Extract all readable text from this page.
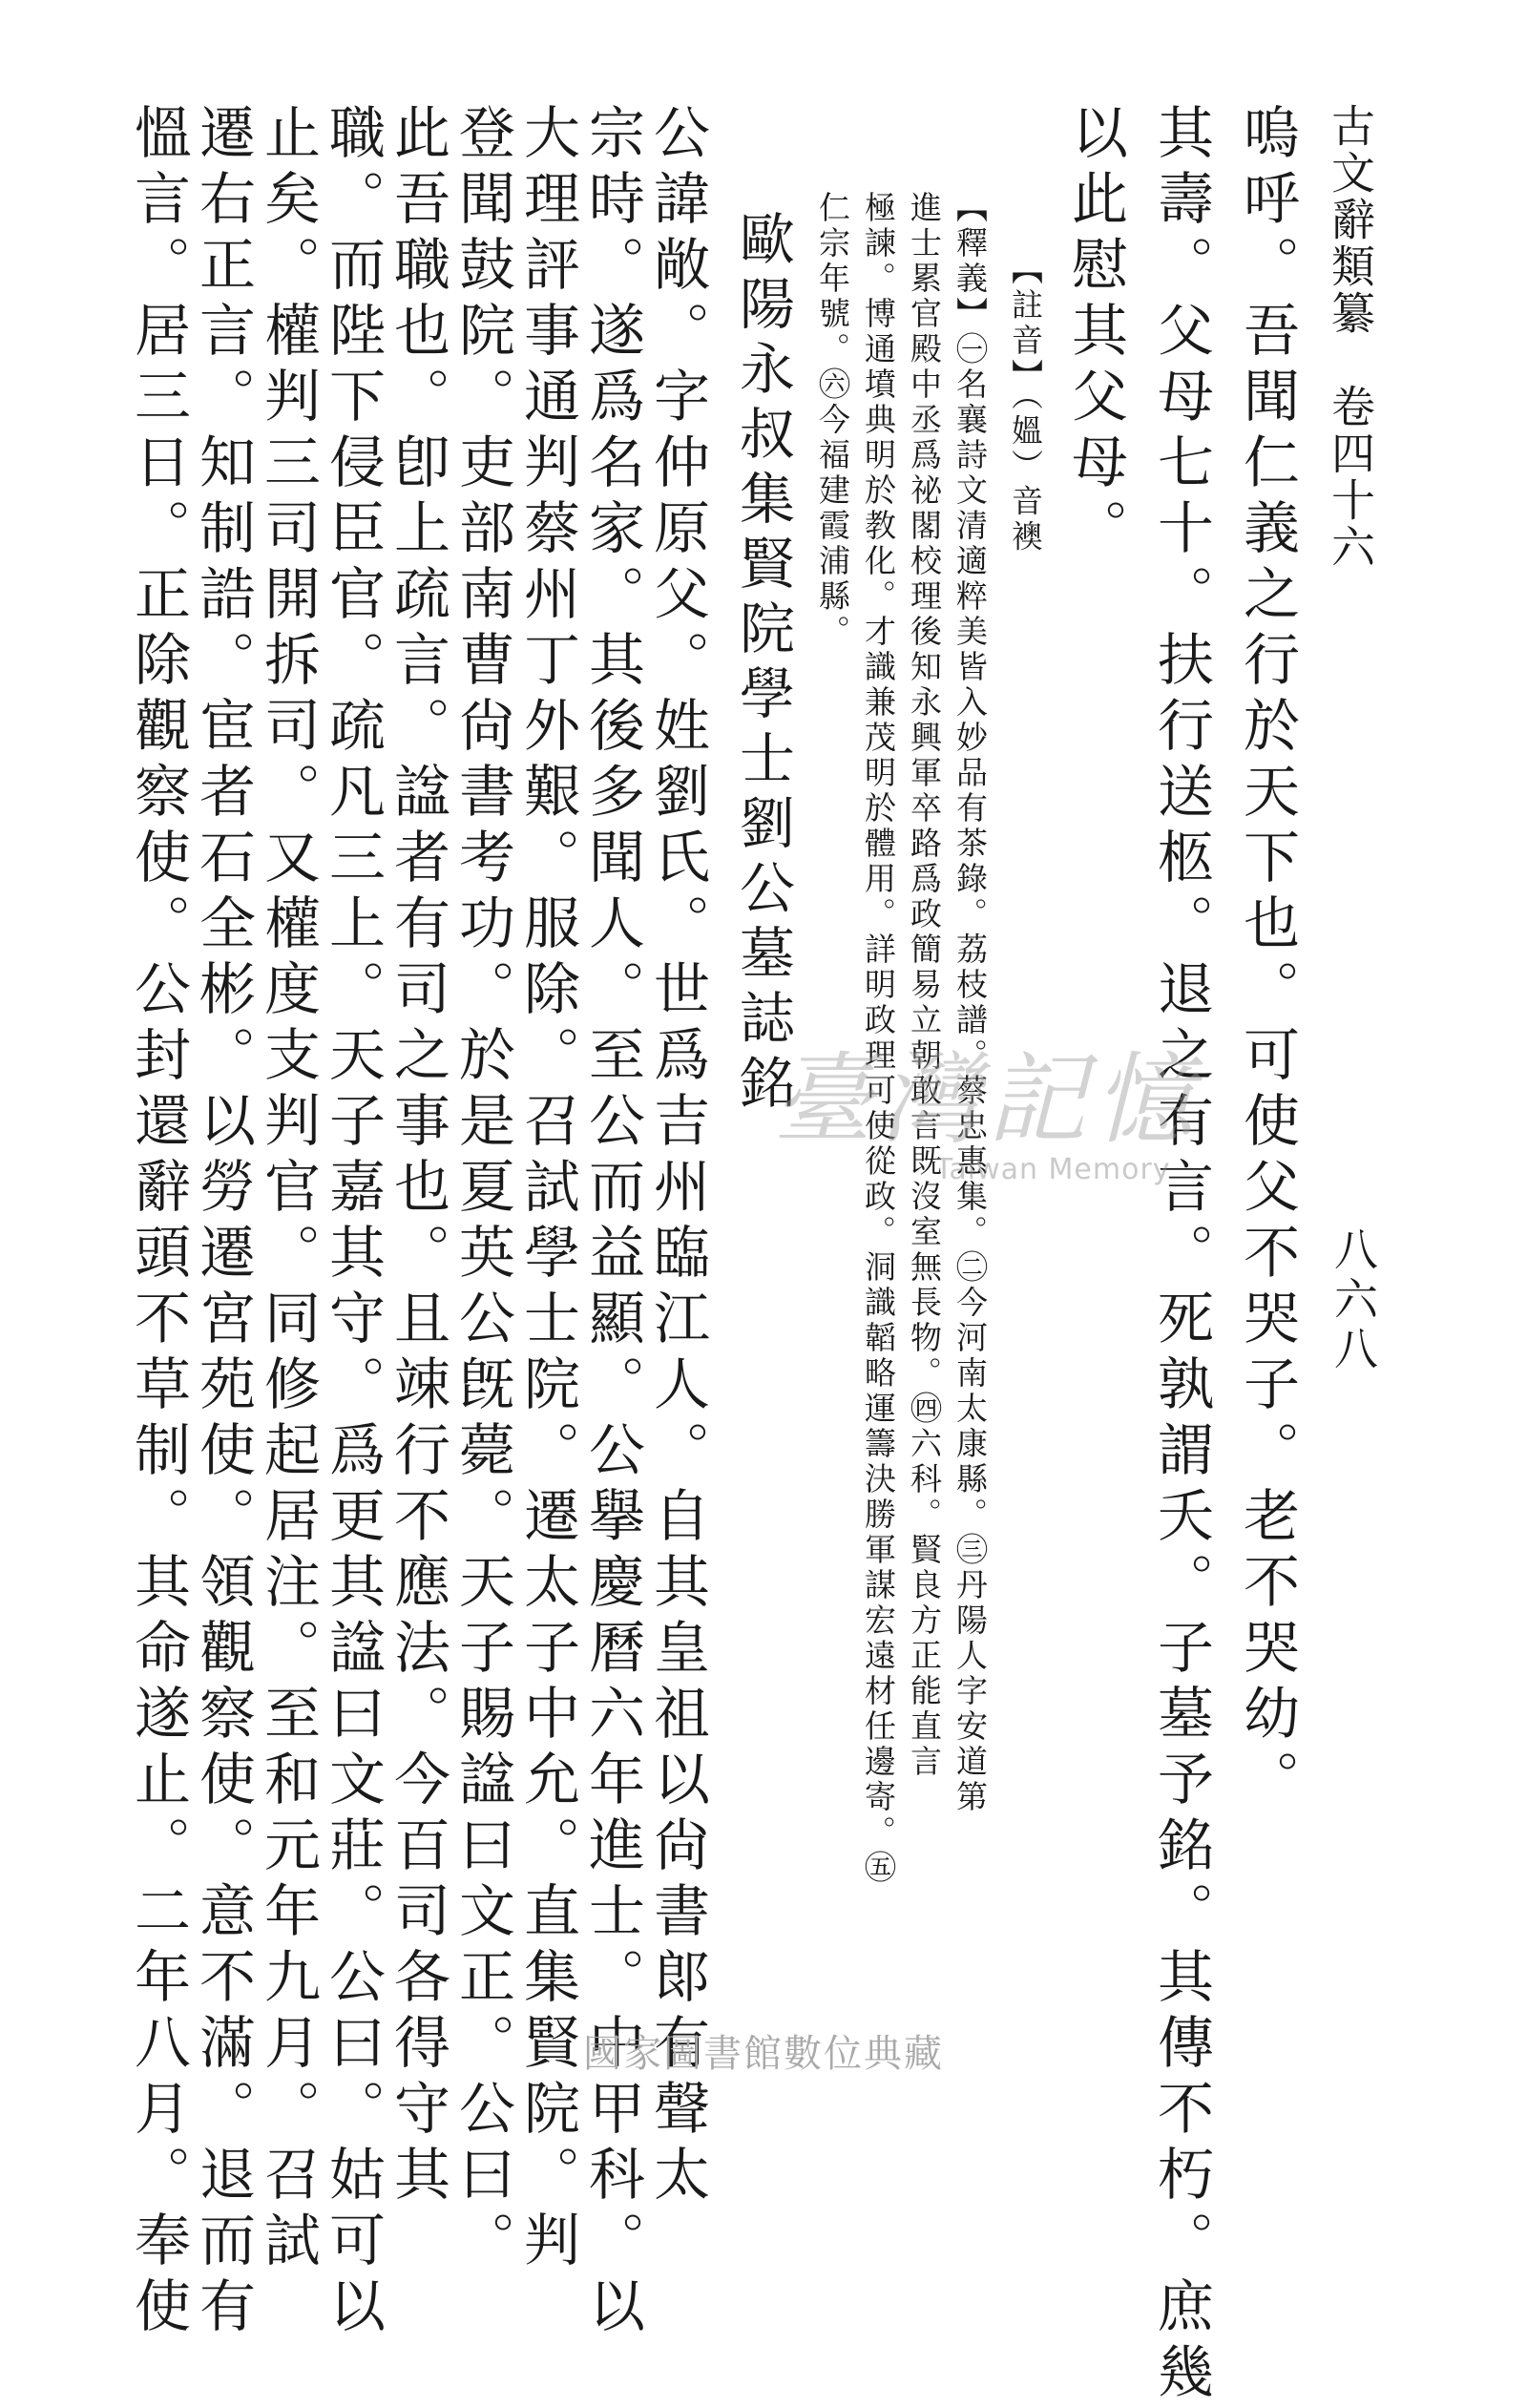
古文辭類纂　卷四十六
嗚呼。吾聞仁義之行於天下也。可使父不哭子。老不哭幼。
其壽。父母七十。扶行送柩。退之有言。死孰謂夭。子墓予銘。其傳不朽。庶幾
以此慰其父母。
【註音】（媼）音襖
【釋義】㊀名襄詩文清適粹美皆入妙品有茶錄。荔枝譜。蔡忠惠集。㊁今河南太康縣。㊂丹陽人字安道第
進士累官殿中丞爲祕閣校理後知永興軍卒路爲政簡易立朝敢言既沒室無長物。㊃六科。賢良方正能直言
極諫。博通墳典明於教化。才識兼茂明於體用。詳明政理可使從政。洞識韜略運籌決勝軍謀宏遠材任邊寄。㊄
仁宗年號。㊅今福建霞浦縣。
歐陽永叔集賢院學士劉公墓誌銘
公諱敞。字仲原父。姓劉氏。世爲吉州臨江人。自其皇祖以尙書郞有聲太
宗時。遂爲名家。其後多聞人。至公而益顯。公擧慶曆六年進士。中甲科。以
大理評事通判蔡州丁外艱。服除。召試學士院。遷太子中允。直集賢院。判
登聞鼓院。吏部南曹尙書考功。於是夏英公旣薨。天子賜諡曰文正。公曰。
此吾職也。卽上疏言。諡者有司之事也。且竦行不應法。今百司各得守其
職。而陛下侵臣官。疏凡三上。天子嘉其守。爲更其諡曰文莊。公曰。姑可以
止矣。權判三司開拆司。又權度支判官。同修起居注。至和元年九月。召試
遷右正言。知制誥。宦者石全彬。以勞遷宮苑使。領觀察使。意不滿。退而有
慍言。居三日。正除觀察使。公封還辭頭不草制。其命遂止。二年八月。奉使	八六八
臺灣記憶
Taiwan Memory
國家圖書館數位典藏
